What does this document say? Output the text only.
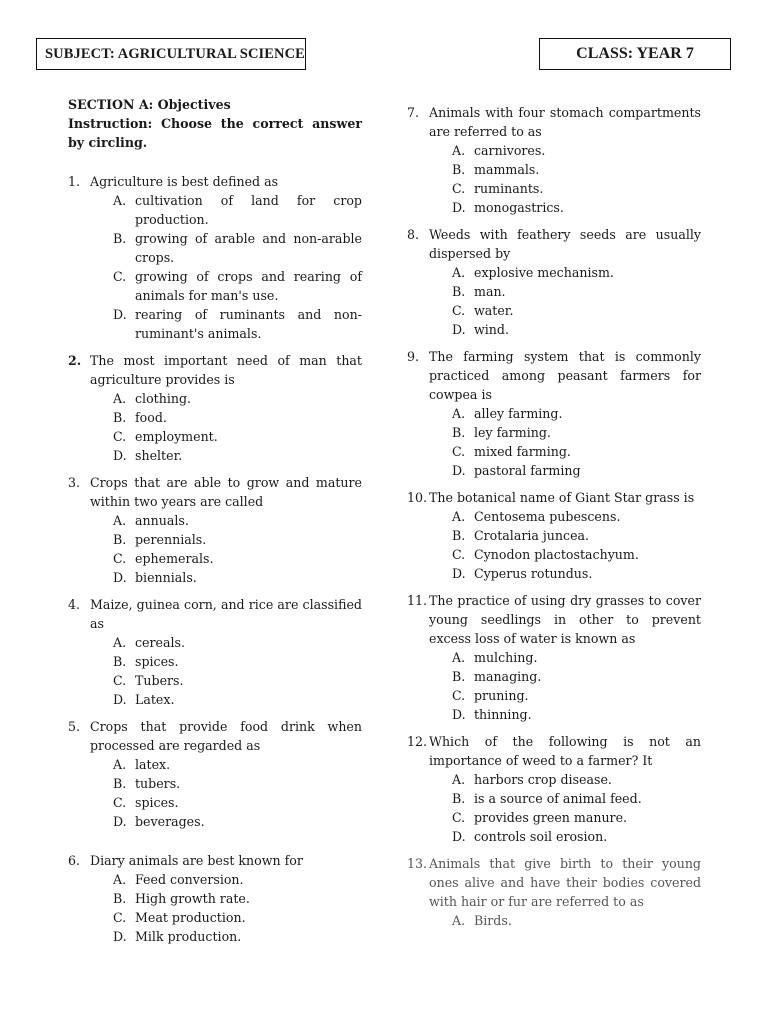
SUBJECT: AGRICULTURAL SCIENCE	CLASS: YEAR 7
SECTION A: Objectives
Instruction: Choose the correct answer by circling.
1. Agriculture is best defined as
A. cultivation of land for crop production.
B. growing of arable and non-arable crops.
C. growing of crops and rearing of animals for man's use.
D. rearing of ruminants and non-ruminant's animals.
2. The most important need of man that agriculture provides is
A. clothing.
B. food.
C. employment.
D. shelter.
3. Crops that are able to grow and mature within two years are called
A. annuals.
B. perennials.
C. ephemerals.
D. biennials.
4. Maize, guinea corn, and rice are classified as
A. cereals.
B. spices.
C. Tubers.
D. Latex.
5. Crops that provide food drink when processed are regarded as
A. latex.
B. tubers.
C. spices.
D. beverages.
6. Diary animals are best known for
A. Feed conversion.
B. High growth rate.
C. Meat production.
D. Milk production.
7. Animals with four stomach compartments are referred to as
A. carnivores.
B. mammals.
C. ruminants.
D. monogastrics.
8. Weeds with feathery seeds are usually dispersed by
A. explosive mechanism.
B. man.
C. water.
D. wind.
9. The farming system that is commonly practiced among peasant farmers for cowpea is
A. alley farming.
B. ley farming.
C. mixed farming.
D. pastoral farming
10. The botanical name of Giant Star grass is
A. Centosema pubescens.
B. Crotalaria juncea.
C. Cynodon plactostachyum.
D. Cyperus rotundus.
11. The practice of using dry grasses to cover young seedlings in other to prevent excess loss of water is known as
A. mulching.
B. managing.
C. pruning.
D. thinning.
12. Which of the following is not an importance of weed to a farmer? It
A. harbors crop disease.
B. is a source of animal feed.
C. provides green manure.
D. controls soil erosion.
13. Animals that give birth to their young ones alive and have their bodies covered with hair or fur are referred to as
A. Birds.
